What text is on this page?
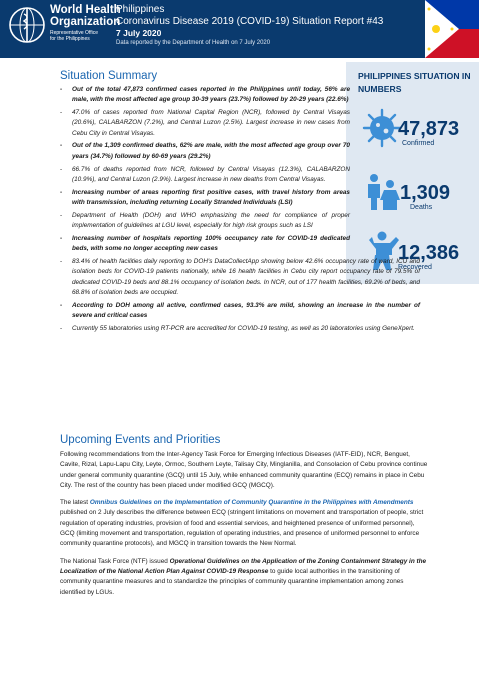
World Health
Organization
Representative Office
for the Philippines
Philippines
Coronavirus Disease 2019 (COVID-19) Situation Report #43
7 July 2020
Data reported by the Department of Health on 7 July 2020
PHILIPPINES SITUATION IN NUMBERS
47,873
Confirmed
1,309
Deaths
12,386
Recovered
Situation Summary
- Out of the total 47,873 confirmed cases reported in the Philippines until today, 56% are male, with the most affected age group 30-39 years (23.7%) followed by 20-29 years (22.6%)
- 47.0% of cases reported from National Capital Region (NCR), followed by Central Visayas (20.6%), CALABARZON (7.2%), and Central Luzon (2.5%). Largest increase in new cases from Cebu City in Central Visayas.
- Out of the 1,309 confirmed deaths, 62% are male, with the most affected age group over 70 years (34.7%) followed by 60-69 years (29.2%)
- 66.7% of deaths reported from NCR, followed by Central Visayas (12.3%), CALABARZON (10.9%), and Central Luzon (2.9%). Largest increase in new deaths from Central Visayas.
- Increasing number of areas reporting first positive cases, with travel history from areas with transmission, including returning Locally Stranded Individuals (LSI)
- Department of Health (DOH) and WHO emphasizing the need for compliance of proper implementation of guidelines at LGU level, especially for high risk groups such as LSI
- Increasing number of hospitals reporting 100% occupancy rate for COVID-19 dedicated beds, with some no longer accepting new cases
- 83.4% of health facilities daily reporting to DOH's DataCollectApp showing below 42.6% occupancy rate of ward, ICU and isolation beds for COVID-19 patients nationally, while 16 health facilities in Cebu city report occupancy rate of 79.5% of dedicated COVID-19 beds and 88.1% occupancy of isolation beds. In NCR, out of 177 health facilities, 69.2% of beds, and 68.8% of isolation beds are occupied.
- According to DOH among all active, confirmed cases, 93.3% are mild, showing an increase in the number of severe and critical cases
- Currently 55 laboratories using RT-PCR are accredited for COVID-19 testing, as well as 20 laboratories using GeneXpert.
Upcoming Events and Priorities

Following recommendations from the Inter-Agency Task Force for Emerging Infectious Diseases (IATF-EID), NCR, Benguet, Cavite, Rizal, Lapu-Lapu City, Leyte, Ormoc, Southern Leyte, Talisay City, Minglanilla, and Consolacion of Cebu province continue under general community quarantine (GCQ) until 15 July, while enhanced community quarantine (ECQ) remains in place in Cebu City. The rest of the country has been placed under modified GCQ (MGCQ).

The latest Omnibus Guidelines on the Implementation of Community Quarantine in the Philippines with Amendments published on 2 July describes the difference between ECQ (stringent limitations on movement and transportation of people, strict regulation of operating industries, provision of food and essential services, and heightened presence of uniformed personnel), GCQ (limiting movement and transportation, regulation of operating industries, and presence of uniformed personnel to enforce community quarantine protocols), and MGCQ in transition towards the New Normal.

The National Task Force (NTF) issued Operational Guidelines on the Application of the Zoning Containment Strategy in the Localization of the National Action Plan Against COVID-19 Response to guide local authorities in the transitioning of community quarantine measures and to standardize the principles of community quarantine implementation among zones identified by LGUs.
